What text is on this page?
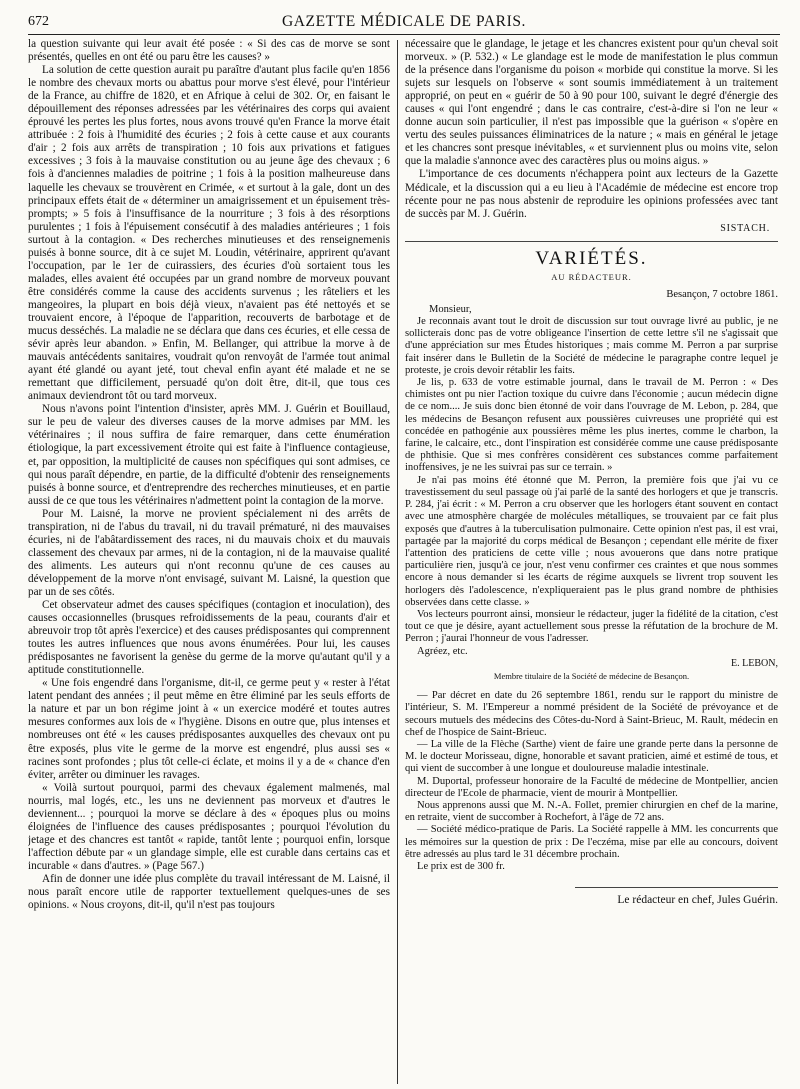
672	GAZETTE MÉDICALE DE PARIS.

la question suivante qui leur avait été posée : « Si des cas de morve se sont présentés, quelles en ont été ou paru être les causes? »

La solution de cette question aurait pu paraître d'autant plus facile qu'en 1856 le nombre des chevaux morts ou abattus pour morve s'est élevé, pour l'intérieur de la France, au chiffre de 1820, et en Afrique à celui de 302. Or, en faisant le dépouillement des réponses adressées par les vétérinaires des corps qui avaient éprouvé les pertes les plus fortes, nous avons trouvé qu'en France la morve était attribuée : 2 fois à l'humidité des écuries ; 2 fois à cette cause et aux courants d'air ; 2 fois aux arrêts de transpiration ; 10 fois aux privations et fatigues excessives ; 3 fois à la mauvaise constitution ou au jeune âge des chevaux ; 6 fois à d'anciennes maladies de poitrine ; 1 fois à la position malheureuse dans laquelle les chevaux se trouvèrent en Crimée, « et surtout à la gale, dont un des principaux effets était de « déterminer un amaigrissement et un épuisement très-prompts; » 5 fois à l'insuffisance de la nourriture ; 3 fois à des résorptions purulentes ; 1 fois à l'épuisement consécutif à des maladies antérieures ; 1 fois surtout à la contagion. « Des recherches minutieuses et des renseignemenis puisés à bonne source, dit à ce sujet M. Loudin, vétérinaire, apprirent qu'avant l'occupation, par le 1er de cuirassiers, des écuries d'où sortaient tous les malades, elles avaient été occupées par un grand nombre de morveux pouvant être considérés comme la cause des accidents survenus ; les râteliers et les mangeoires, la plupart en bois déjà vieux, n'avaient pas été nettoyés et se trouvaient encore, à l'époque de l'apparition, recouverts de barbotage et de mucus desséchés. La maladie ne se déclara que dans ces écuries, et elle cessa de sévir après leur abandon. » Enfin, M. Bellanger, qui attribue la morve à de mauvais antécédents sanitaires, voudrait qu'on renvoyât de l'armée tout animal ayant été glandé ou ayant jeté, tout cheval enfin ayant été malade et ne se remettant que difficilement, persuadé qu'on doit être, dit-il, que tous ces animaux deviendront tôt ou tard morveux.

Nous n'avons point l'intention d'insister, après MM. J. Guérin et Bouillaud, sur le peu de valeur des diverses causes de la morve admises par MM. les vétérinaires ; il nous suffira de faire remarquer, dans cette énumération étiologique, la part excessivement étroite qui est faite à l'influence contagieuse, et, par opposition, la multiplicité de causes non spécifiques qui sont admises, ce qui nous paraît dépendre, en partie, de la difficulté d'obtenir des renseignements puisés à bonne source, et d'entreprendre des recherches minutieuses, et en partie aussi de ce que tous les vétérinaires n'admettent point la contagion de la morve.

Pour M. Laisné, la morve ne provient spécialement ni des arrêts de transpiration, ni de l'abus du travail, ni du travail prématuré, ni des mauvaises écuries, ni de l'abâtardissement des races, ni du mauvais choix et du mauvais classement des chevaux par armes, ni de la contagion, ni de la mauvaise qualité des aliments. Les auteurs qui n'ont reconnu qu'une de ces causes au développement de la morve n'ont envisagé, suivant M. Laisné, la question que par un de ses côtés.

Cet observateur admet des causes spécifiques (contagion et inoculation), des causes occasionnelles (brusques refroidissements de la peau, courants d'air et abreuvoir trop tôt après l'exercice) et des causes prédisposantes qui comprennent toutes les autres influences que nous avons énumérées. Pour lui, les causes prédisposantes ne favorisent la genèse du germe de la morve qu'autant qu'il y a aptitude constitutionnelle.

« Une fois engendré dans l'organisme, dit-il, ce germe peut y « rester à l'état latent pendant des années ; il peut même en être éliminé par les seuls efforts de la nature et par un bon régime joint à « un exercice modéré et toutes autres mesures conformes aux lois de « l'hygiène. Disons en outre que, plus intenses et nombreuses ont été « les causes prédisposantes auxquelles des chevaux ont pu être exposés, plus vite le germe de la morve est engendré, plus aussi ses « racines sont profondes ; plus tôt celle-ci éclate, et moins il y a de « chance d'en éviter, arrêter ou diminuer les ravages.

« Voilà surtout pourquoi, parmi des chevaux également malmenés, mal nourris, mal logés, etc., les uns ne deviennent pas morveux et d'autres le deviennent... ; pourquoi la morve se déclare à des « époques plus ou moins éloignées de l'influence des causes prédisposantes ; pourquoi l'évolution du jetage et des chancres est tantôt « rapide, tantôt lente ; pourquoi enfin, lorsque l'affection débute par « un glandage simple, elle est curable dans certains cas et incurable « dans d'autres. » (Page 567.)

Afin de donner une idée plus complète du travail intéressant de M. Laisné, il nous paraît encore utile de rapporter textuellement quelques-unes de ses opinions. « Nous croyons, dit-il, qu'il n'est pas toujours

nécessaire que le glandage, le jetage et les chancres existent pour qu'un cheval soit morveux. » (P. 532.) « Le glandage est le mode de manifestation le plus commun de la présence dans l'organisme du poison « morbide qui constitue la morve. Si les sujets sur lesquels on l'observe « sont soumis immédiatement à un traitement approprié, on peut en « guérir de 50 à 90 pour 100, suivant le degré d'énergie des causes « qui l'ont engendré ; dans le cas contraire, c'est-à-dire si l'on ne leur « donne aucun soin particulier, il n'est pas impossible que la guérison « s'opère en vertu des seules puissances éliminatrices de la nature ; « mais en général le jetage et les chancres sont presque inévitables, « et surviennent plus ou moins vite, selon que la maladie s'annonce avec des caractères plus ou moins aigus. »

L'importance de ces documents n'échappera point aux lecteurs de la Gazette Médicale, et la discussion qui a eu lieu à l'Académie de médecine est encore trop récente pour ne pas nous abstenir de reproduire les opinions professées avec tant de succès par M. J. Guérin.

SISTACH.

VARIÉTÉS.
AU RÉDACTEUR.
Besançon, 7 octobre 1861.

Monsieur,

Je reconnais avant tout le droit de discussion sur tout ouvrage livré au public, je ne sollicterais donc pas de votre obligeance l'insertion de cette lettre s'il ne s'agissait que d'une appréciation sur mes Études historiques ; mais comme M. Perron a par surprise fait insérer dans le Bulletin de la Société de médecine le paragraphe contre lequel je proteste, je crois devoir rétablir les faits.

Je lis, p. 633 de votre estimable journal, dans le travail de M. Perron : « Des chimistes ont pu nier l'action toxique du cuivre dans l'économie ; aucun médecin digne de ce nom.... Je suis donc bien étonné de voir dans l'ouvrage de M. Lebon, p. 284, que les médecins de Besançon refusent aux poussières cuivreuses une propriété qui est concédée en pathogénie aux poussières même les plus inertes, comme le charbon, la farine, le calcaire, etc., dont l'inspiration est considérée comme une cause prédisposante de phthisie. Que si mes confrères considèrent ces substances comme parfaitement inoffensives, je ne les suivrai pas sur ce terrain. »

Je n'ai pas moins été étonné que M. Perron, la première fois que j'ai vu ce travestissement du seul passage où j'ai parlé de la santé des horlogers et que je transcris. P. 284, j'ai écrit : « M. Perron a cru observer que les horlogers étant souvent en contact avec une atmosphère chargée de molécules métalliques, se trouvaient par ce fait plus exposés que d'autres à la tuberculisation pulmonaire. Cette opinion n'est pas, il est vrai, partagée par la majorité du corps médical de Besançon ; cependant elle mérite de fixer l'attention des praticiens de cette ville ; nous avouerons que dans notre pratique particulière rien, jusqu'à ce jour, n'est venu confirmer ces craintes et que nous sommes encore à nous demander si les écarts de régime auxquels se livrent trop souvent les horlogers dès l'adolescence, n'expliqueraient pas le plus grand nombre de phthisies observées dans cette classe. »

Vos lecteurs pourront ainsi, monsieur le rédacteur, juger la fidélité de la citation, c'est tout ce que je désire, ayant actuellement sous presse la réfutation de la brochure de M. Perron ; j'aurai l'honneur de vous l'adresser.

Agréez, etc.

E. LEBON,

Membre titulaire de la Société de médecine de Besançon.

— Par décret en date du 26 septembre 1861, rendu sur le rapport du ministre de l'intérieur, S. M. l'Empereur a nommé président de la Société de prévoyance et de secours mutuels des médecins des Côtes-du-Nord à Saint-Brieuc, M. Rault, médecin en chef de l'hospice de Saint-Brieuc.

— La ville de la Flèche (Sarthe) vient de faire une grande perte dans la personne de M. le docteur Morisseau, digne, honorable et savant praticien, aimé et estimé de tous, et qui vient de succomber à une longue et douloureuse maladie intestinale.

M. Duportal, professeur honoraire de la Faculté de médecine de Montpellier, ancien directeur de l'Ecole de pharmacie, vient de mourir à Montpellier.

Nous apprenons aussi que M. N.-A. Follet, premier chirurgien en chef de la marine, en retraite, vient de succomber à Rochefort, à l'âge de 72 ans.

— Société médico-pratique de Paris. La Société rappelle à MM. les concurrents que les mémoires sur la question de prix : De l'eczéma, mise par elle au concours, doivent être adressés au plus tard le 31 décembre prochain.

Le prix est de 300 fr.

Le rédacteur en chef, Jules Guérin.
